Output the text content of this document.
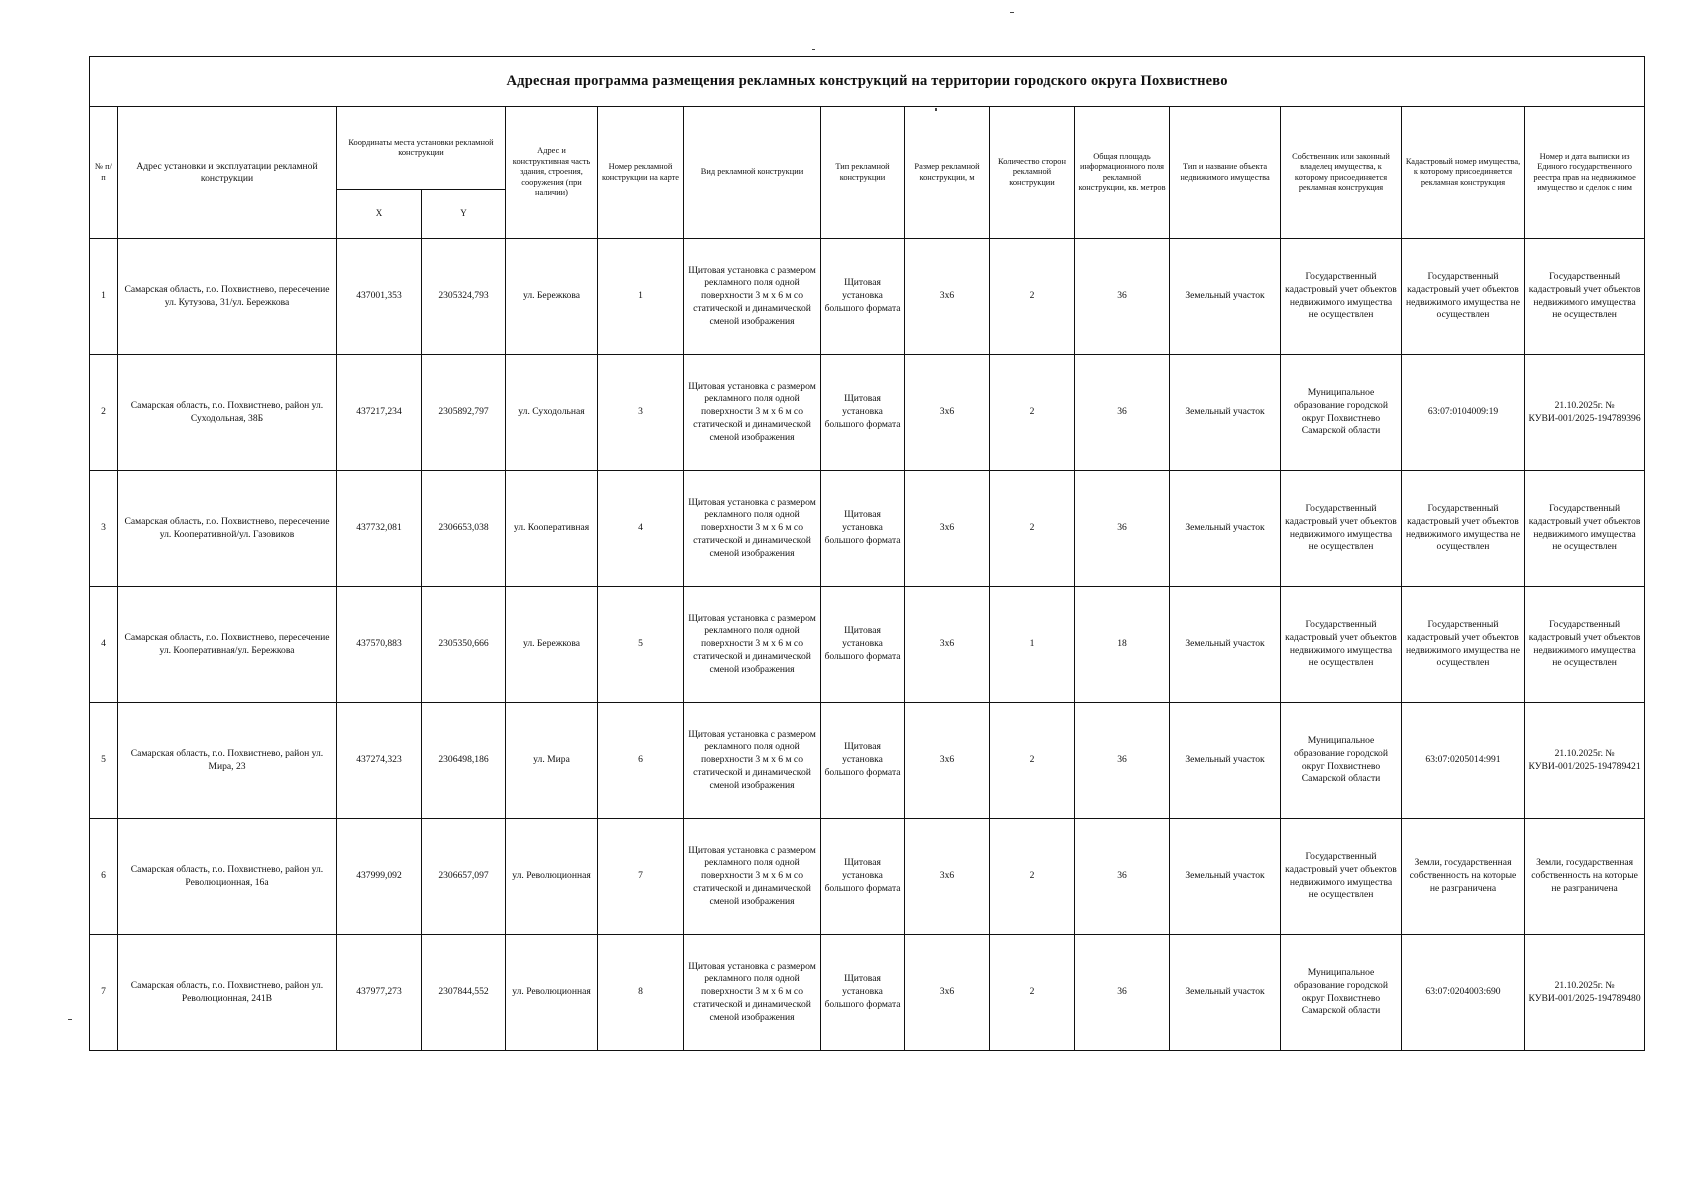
Адресная программа размещения рекламных конструкций на территории городского округа Похвистнево														
№ п/п	Адрес установки и эксплуатации рекламной конструкции	Координаты места установки рекламной конструкции		Адрес и конструктивная часть здания, строения, сооружения (при наличии)	Номер рекламной конструкции на карте	Вид рекламной конструкции	Тип рекламной конструкции	Размер рекламной конструкции, м	Количество сторон рекламной конструкции	Общая площадь информационного поля рекламной конструкции, кв. метров	Тип и название объекта недвижимого имущества	Собственник или законный владелец имущества, к которому присоединяется рекламная конструкция	Кадастровый номер имущества, к которому присоединяется рекламная конструкция	Номер и дата выписки из Единого государственного реестра прав на недвижимое имущество и сделок с ним
		X	Y											
1	Самарская область, г.о. Похвистнево, пересечение ул. Кутузова, 31/ул. Бережкова	437001,353	2305324,793	ул. Бережкова	1	Щитовая установка с размером рекламного поля одной поверхности 3 м х 6 м со статической и динамической сменой изображения	Щитовая установка большого формата	3х6	2	36	Земельный участок	Государственный кадастровый учет объектов недвижимого имущества не осуществлен	Государственный кадастровый учет объектов недвижимого имущества не осуществлен	Государственный кадастровый учет объектов недвижимого имущества не осуществлен
2	Самарская область, г.о. Похвистнево, район ул. Суходольная, 38Б	437217,234	2305892,797	ул. Суходольная	3	Щитовая установка с размером рекламного поля одной поверхности 3 м х 6 м со статической и динамической сменой изображения	Щитовая установка большого формата	3х6	2	36	Земельный участок	Муниципальное образование городской округ Похвистнево Самарской области	63:07:0104009:19	21.10.2025г. № КУВИ-001/2025-194789396
3	Самарская область, г.о. Похвистнево, пересечение ул. Кооперативной/ул. Газовиков	437732,081	2306653,038	ул. Кооперативная	4	Щитовая установка с размером рекламного поля одной поверхности 3 м х 6 м со статической и динамической сменой изображения	Щитовая установка большого формата	3х6	2	36	Земельный участок	Государственный кадастровый учет объектов недвижимого имущества не осуществлен	Государственный кадастровый учет объектов недвижимого имущества не осуществлен	Государственный кадастровый учет объектов недвижимого имущества не осуществлен
4	Самарская область, г.о. Похвистнево, пересечение ул. Кооперативная/ул. Бережкова	437570,883	2305350,666	ул. Бережкова	5	Щитовая установка с размером рекламного поля одной поверхности 3 м х 6 м со статической и динамической сменой изображения	Щитовая установка большого формата	3х6	1	18	Земельный участок	Государственный кадастровый учет объектов недвижимого имущества не осуществлен	Государственный кадастровый учет объектов недвижимого имущества не осуществлен	Государственный кадастровый учет объектов недвижимого имущества не осуществлен
5	Самарская область, г.о. Похвистнево, район ул. Мира, 23	437274,323	2306498,186	ул. Мира	6	Щитовая установка с размером рекламного поля одной поверхности 3 м х 6 м со статической и динамической сменой изображения	Щитовая установка большого формата	3х6	2	36	Земельный участок	Муниципальное образование городской округ Похвистнево Самарской области	63:07:0205014:991	21.10.2025г. № КУВИ-001/2025-194789421
6	Самарская область, г.о. Похвистнево, район ул. Революционная, 16а	437999,092	2306657,097	ул. Революционная	7	Щитовая установка с размером рекламного поля одной поверхности 3 м х 6 м со статической и динамической сменой изображения	Щитовая установка большого формата	3х6	2	36	Земельный участок	Государственный кадастровый учет объектов недвижимого имущества не осуществлен	Земли, государственная собственность на которые не разграничена	Земли, государственная собственность на которые не разграничена
7	Самарская область, г.о. Похвистнево, район ул. Революционная, 241В	437977,273	2307844,552	ул. Революционная	8	Щитовая установка с размером рекламного поля одной поверхности 3 м х 6 м со статической и динамической сменой изображения	Щитовая установка большого формата	3х6	2	36	Земельный участок	Муниципальное образование городской округ Похвистнево Самарской области	63:07:0204003:690	21.10.2025г. № КУВИ-001/2025-194789480
